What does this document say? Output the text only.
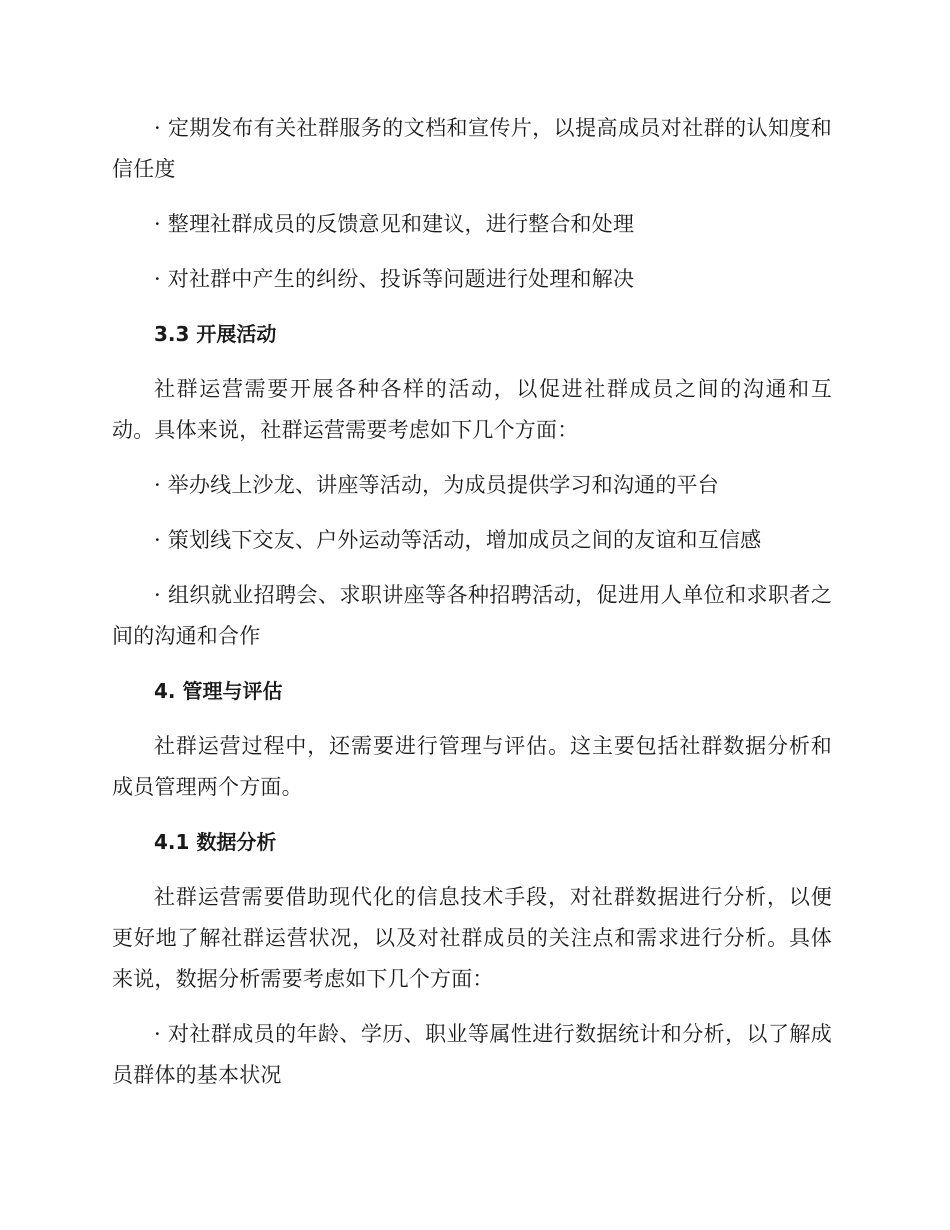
· 定期发布有关社群服务的文档和宣传片，以提高成员对社群的认知度和信任度

· 整理社群成员的反馈意见和建议，进行整合和处理

· 对社群中产生的纠纷、投诉等问题进行处理和解决

3.3 开展活动

社群运营需要开展各种各样的活动，以促进社群成员之间的沟通和互动。具体来说，社群运营需要考虑如下几个方面：

· 举办线上沙龙、讲座等活动，为成员提供学习和沟通的平台

· 策划线下交友、户外运动等活动，增加成员之间的友谊和互信感

· 组织就业招聘会、求职讲座等各种招聘活动，促进用人单位和求职者之间的沟通和合作

4. 管理与评估

社群运营过程中，还需要进行管理与评估。这主要包括社群数据分析和成员管理两个方面。

4.1 数据分析

社群运营需要借助现代化的信息技术手段，对社群数据进行分析，以便更好地了解社群运营状况，以及对社群成员的关注点和需求进行分析。具体来说，数据分析需要考虑如下几个方面：

· 对社群成员的年龄、学历、职业等属性进行数据统计和分析，以了解成员群体的基本状况
